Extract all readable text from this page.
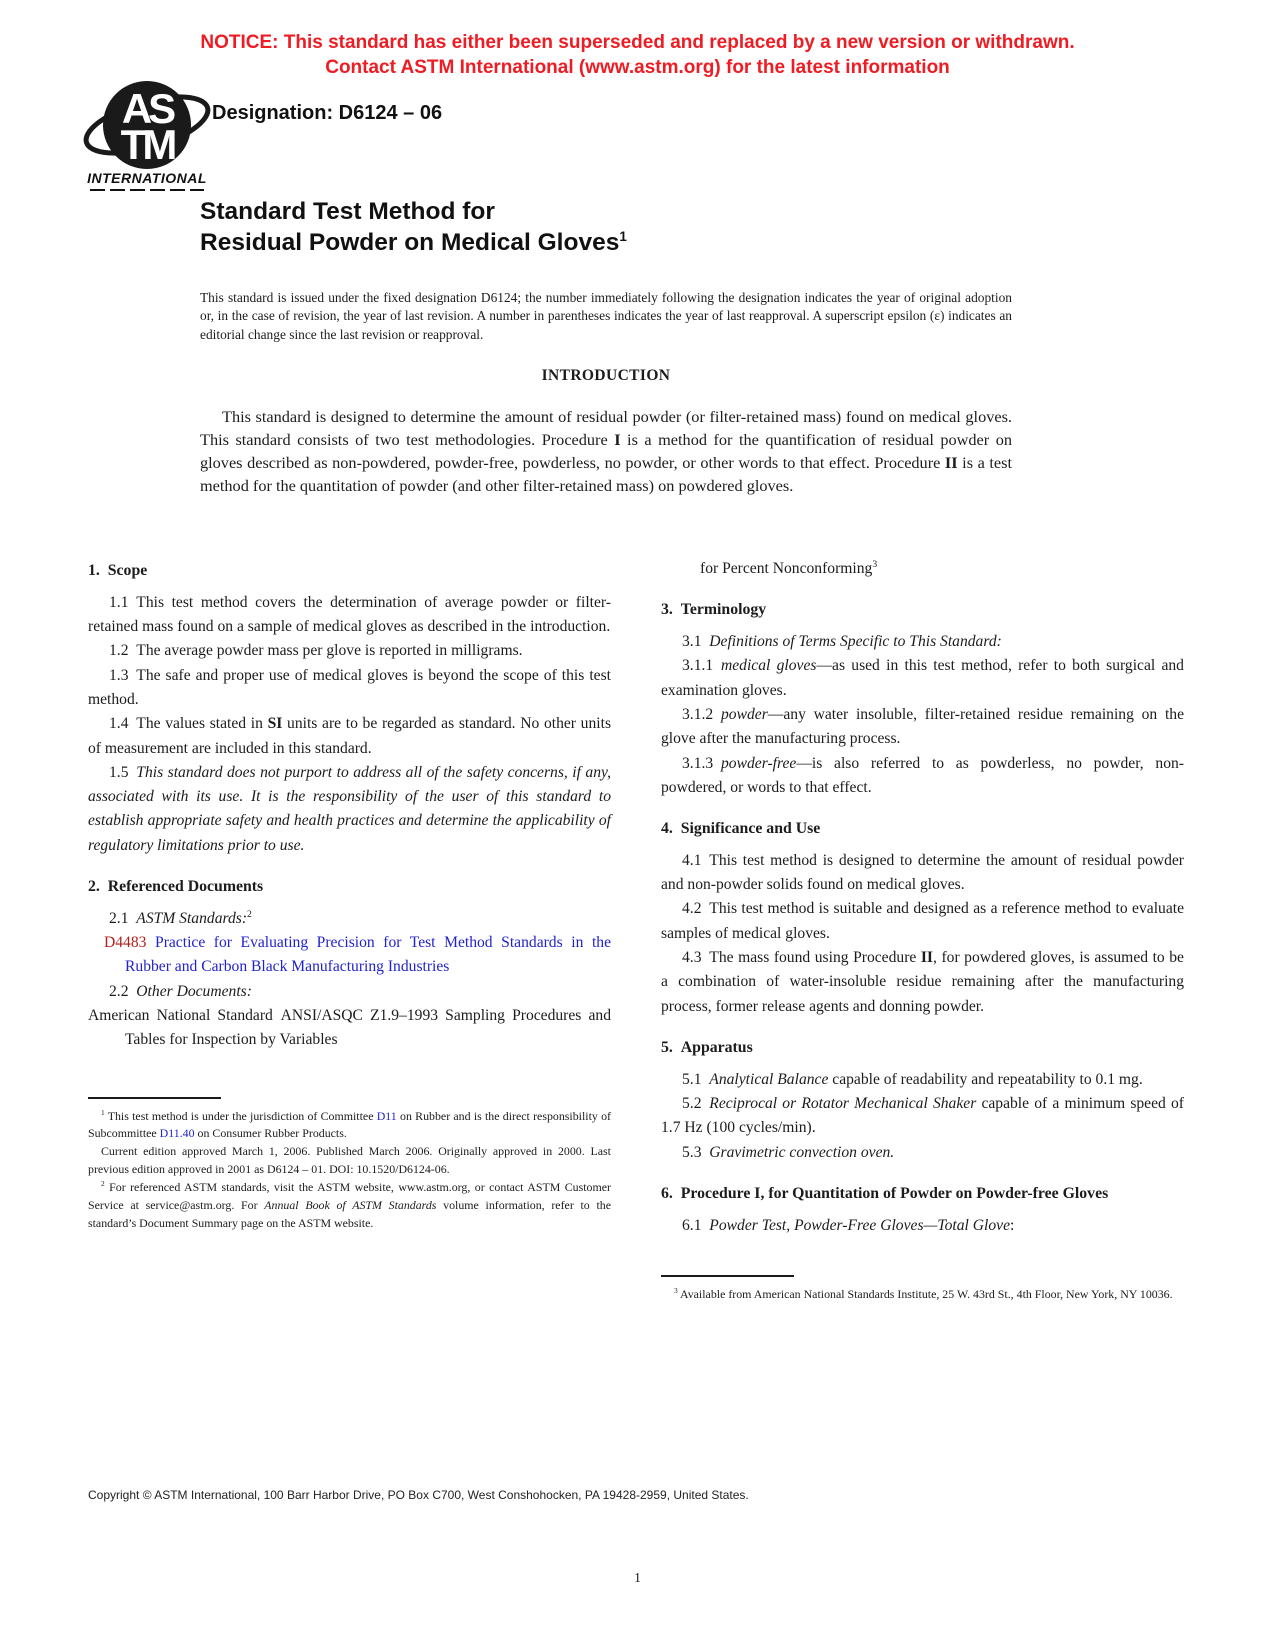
NOTICE: This standard has either been superseded and replaced by a new version or withdrawn.
Contact ASTM International (www.astm.org) for the latest information
AS
TM
INTERNATIONAL
Designation: D6124 – 06
Standard Test Method for
Residual Powder on Medical Gloves$^1$
This standard is issued under the fixed designation D6124; the number immediately following the designation indicates the year of original adoption or, in the case of revision, the year of last revision. A number in parentheses indicates the year of last reapproval. A superscript epsilon (ε) indicates an editorial change since the last revision or reapproval.
INTRODUCTION
This standard is designed to determine the amount of residual powder (or filter-retained mass) found on medical gloves. This standard consists of two test methodologies. Procedure I is a method for the quantification of residual powder on gloves described as non-powdered, powder-free, powderless, no powder, or other words to that effect. Procedure II is a test method for the quantitation of powder (and other filter-retained mass) on powdered gloves.
1. Scope
1.1 This test method covers the determination of average powder or filter-retained mass found on a sample of medical gloves as described in the introduction.
1.2 The average powder mass per glove is reported in milligrams.
1.3 The safe and proper use of medical gloves is beyond the scope of this test method.
1.4 The values stated in SI units are to be regarded as standard. No other units of measurement are included in this standard.
1.5 This standard does not purport to address all of the safety concerns, if any, associated with its use. It is the responsibility of the user of this standard to establish appropriate safety and health practices and determine the applicability of regulatory limitations prior to use.
2. Referenced Documents
2.1 ASTM Standards:$^2$
D4483 Practice for Evaluating Precision for Test Method Standards in the Rubber and Carbon Black Manufacturing Industries
2.2 Other Documents:
American National Standard ANSI/ASQC Z1.9–1993 Sampling Procedures and Tables for Inspection by Variables
$^1$ This test method is under the jurisdiction of Committee D11 on Rubber and is the direct responsibility of Subcommittee D11.40 on Consumer Rubber Products.
Current edition approved March 1, 2006. Published March 2006. Originally approved in 2000. Last previous edition approved in 2001 as D6124 – 01. DOI: 10.1520/D6124-06.
$^2$ For referenced ASTM standards, visit the ASTM website, www.astm.org, or contact ASTM Customer Service at service@astm.org. For Annual Book of ASTM Standards volume information, refer to the standard’s Document Summary page on the ASTM website.
for Percent Nonconforming$^3$
3. Terminology
3.1 Definitions of Terms Specific to This Standard:
3.1.1 medical gloves—as used in this test method, refer to both surgical and examination gloves.
3.1.2 powder—any water insoluble, filter-retained residue remaining on the glove after the manufacturing process.
3.1.3 powder-free—is also referred to as powderless, no powder, non-powdered, or words to that effect.
4. Significance and Use
4.1 This test method is designed to determine the amount of residual powder and non-powder solids found on medical gloves.
4.2 This test method is suitable and designed as a reference method to evaluate samples of medical gloves.
4.3 The mass found using Procedure II, for powdered gloves, is assumed to be a combination of water-insoluble residue remaining after the manufacturing process, former release agents and donning powder.
5. Apparatus
5.1 Analytical Balance capable of readability and repeatability to 0.1 mg.
5.2 Reciprocal or Rotator Mechanical Shaker capable of a minimum speed of 1.7 Hz (100 cycles/min).
5.3 Gravimetric convection oven.
6. Procedure I, for Quantitation of Powder on Powder-free Gloves
6.1 Powder Test, Powder-Free Gloves—Total Glove:
$^3$ Available from American National Standards Institute, 25 W. 43rd St., 4th Floor, New York, NY 10036.
Copyright © ASTM International, 100 Barr Harbor Drive, PO Box C700, West Conshohocken, PA 19428-2959, United States.
1
